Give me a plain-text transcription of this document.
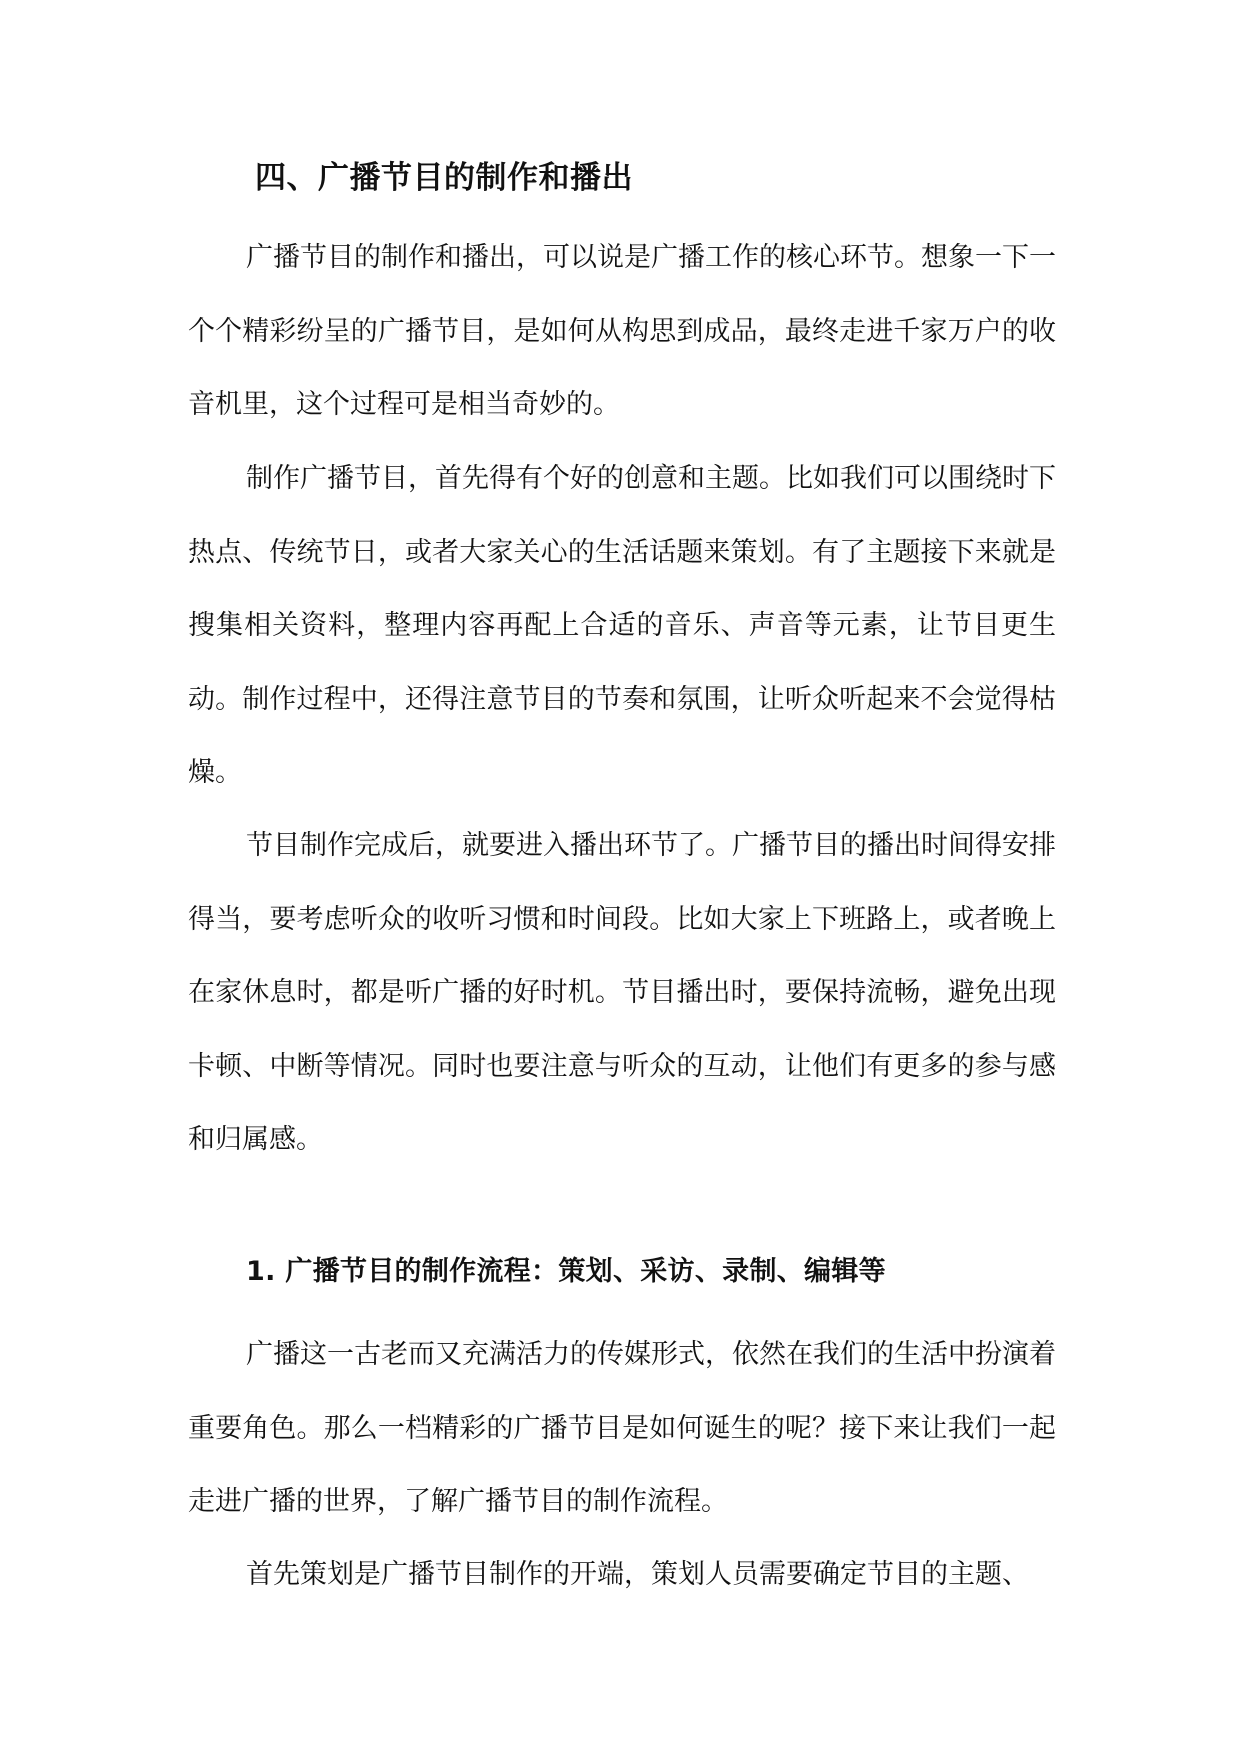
四、广播节目的制作和播出

广播节目的制作和播出，可以说是广播工作的核心环节。想象一下一个个精彩纷呈的广播节目，是如何从构思到成品，最终走进千家万户的收音机里，这个过程可是相当奇妙的。

制作广播节目，首先得有个好的创意和主题。比如我们可以围绕时下热点、传统节日，或者大家关心的生活话题来策划。有了主题接下来就是搜集相关资料，整理内容再配上合适的音乐、声音等元素，让节目更生动。制作过程中，还得注意节目的节奏和氛围，让听众听起来不会觉得枯燥。

节目制作完成后，就要进入播出环节了。广播节目的播出时间得安排得当，要考虑听众的收听习惯和时间段。比如大家上下班路上，或者晚上在家休息时，都是听广播的好时机。节目播出时，要保持流畅，避免出现卡顿、中断等情况。同时也要注意与听众的互动，让他们有更多的参与感和归属感。

1. 广播节目的制作流程：策划、采访、录制、编辑等

广播这一古老而又充满活力的传媒形式，依然在我们的生活中扮演着重要角色。那么一档精彩的广播节目是如何诞生的呢？接下来让我们一起走进广播的世界，了解广播节目的制作流程。

首先策划是广播节目制作的开端，策划人员需要确定节目的主题、
